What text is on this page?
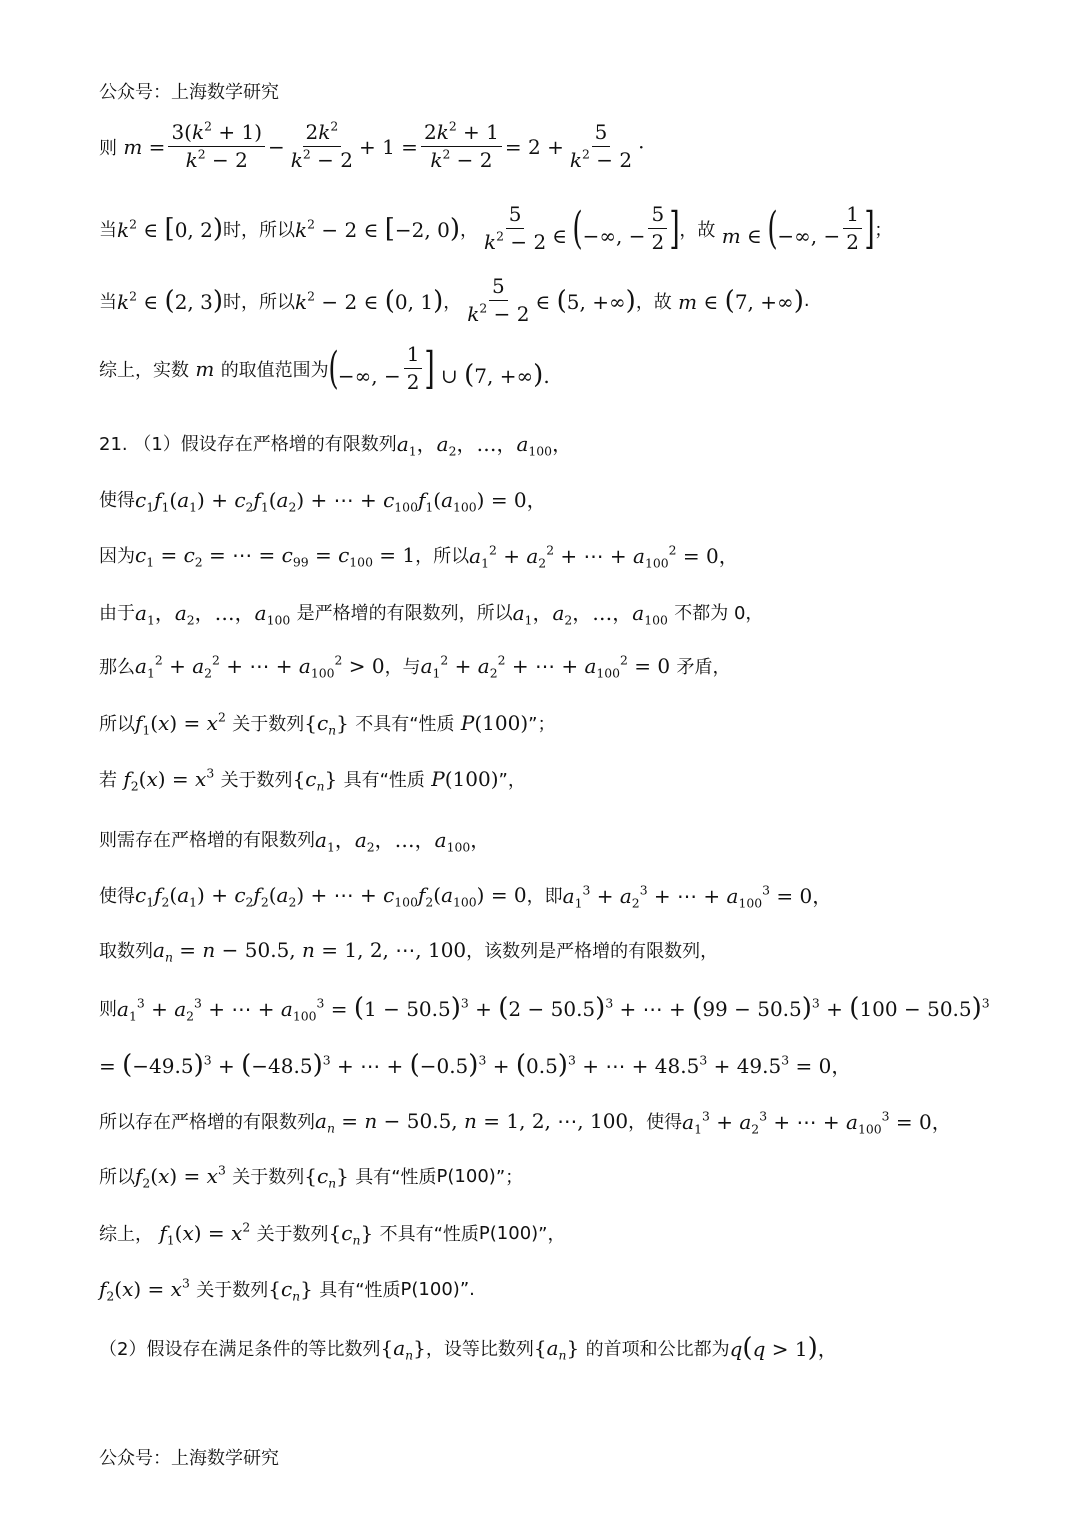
公众号：上海数学研究
则 $m = \frac{3(k^2 + 1)}{k^2 - 2} - \frac{2k^2}{k^2 - 2} + 1 = \frac{2k^2 + 1}{k^2 - 2} = 2 + \frac{5}{k^2 - 2}$ ·
当 $k^2$ ∈ [0, 2) 时，所以 $k^2 - 2$ ∈ [−2, 0) ， $\frac{5}{k^2 - 2}$ ∈ (−∞, − $\frac{5}{2}$ ] ，故 m ∈ (−∞, − $\frac{1}{2}$ ] ；
当 $k^2$ ∈ (2, 3) 时，所以 $k^2 - 2$ ∈ (0, 1) ， $\frac{5}{k^2 - 2}$ ∈ (5, +∞) ，故 m ∈ (7, +∞) .
综上，实数 m 的取值范围为 (−∞, − $\frac{1}{2}$ ] ∪ (7, +∞).
21. （1）假设存在严格增的有限数列 $a_1$，$a_2$，…，$a_{100}$，
使得 $c_1f_1(a_1) + c_2f_1(a_2)$ + ⋯ + $c_{100}f_1(a_{100}) = 0$，
因为 $c_1 = c_2$ = ⋯ = $c_{99} = c_{100} = 1$ ，所以 $a_1^2 + a_2^2$ + ⋯ + $a_{100}^2 = 0$，
由于 $a_1$，$a_2$，…，$a_{100}$ 是严格增的有限数列，所以 $a_1$，$a_2$，…，$a_{100}$ 不都为 0，
那么 $a_1^2 + a_2^2$ + ⋯ + $a_{100}^2 > 0$ ，与 $a_1^2 + a_2^2$ + ⋯ + $a_{100}^2 = 0$ 矛盾，
所以 $f_1(x) = x^2$ 关于数列 $\{c_n\}$ 不具有“性质 P(100) ”；
若 $f_2(x) = x^3$ 关于数列 $\{c_n\}$ 具有“性质 P(100) ”，
则需存在严格增的有限数列 $a_1$，$a_2$，…，$a_{100}$，
使得 $c_1f_2(a_1) + c_2f_2(a_2)$ + ⋯ + $c_{100}f_2(a_{100}) = 0$ ，即 $a_1^3 + a_2^3$ + ⋯ + $a_{100}^3 = 0$，
取数列 $a_n = n - 50.5$, n = 1, 2, ⋯, 100 ，该数列是严格增的有限数列，
则 $a_1^3 + a_2^3$ + ⋯ + $a_{100}^3 = (1 - 50.5)^3 + (2 - 50.5)^3$ + ⋯ + $(99 - 50.5)^3 + (100 - 50.5)^3$
= $(-49.5)^3 + (-48.5)^3$ + ⋯ + $(-0.5)^3 + (0.5)^3$ + ⋯ + $48.5^3 + 49.5^3 = 0$，
所以存在严格增的有限数列 $a_n = n - 50.5$, n = 1, 2, ⋯, 100 ，使得 $a_1^3 + a_2^3$ + ⋯ + $a_{100}^3 = 0$，
所以 $f_2(x) = x^3$ 关于数列 $\{c_n\}$ 具有“性质 P(100) ”；
综上， $f_1(x) = x^2$ 关于数列 $\{c_n\}$ 不具有“性质 P(100) ”，
$f_2(x) = x^3$ 关于数列 $\{c_n\}$ 具有“性质 P(100) ”.
（2）假设存在满足条件的等比数列 $\{a_n\}$ ，设等比数列 $\{a_n\}$ 的首项和公比都为 q(q > 1)，
公众号：上海数学研究
